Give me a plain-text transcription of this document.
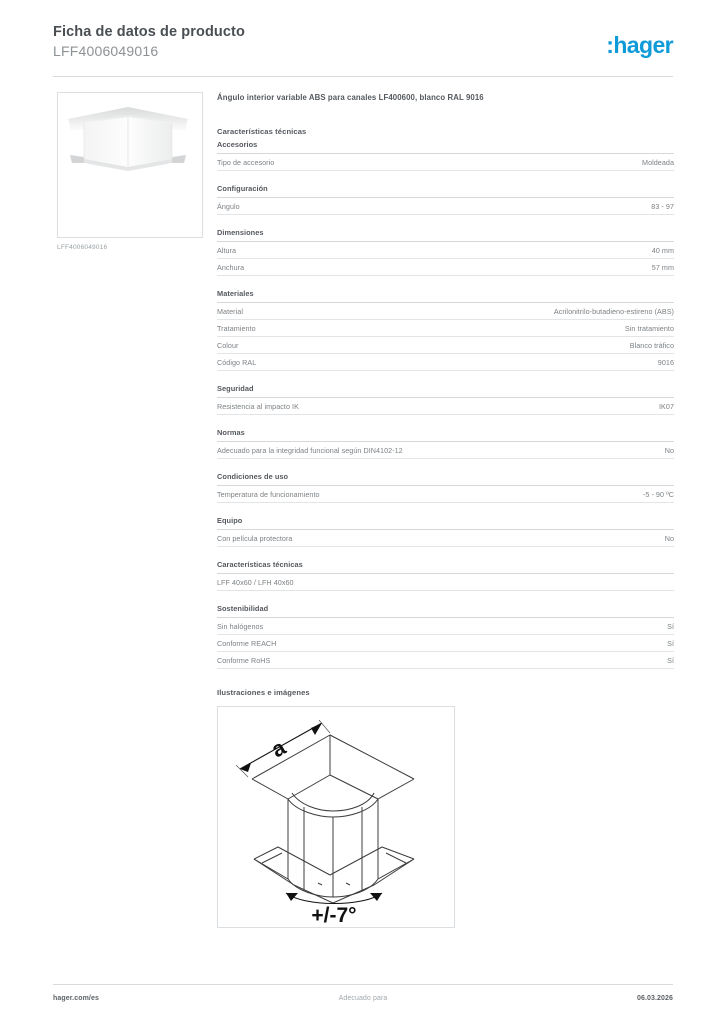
Ficha de datos de producto
LFF4006049016	:hager
LFF4006049016
Ángulo interior variable ABS para canales LF400600, blanco RAL 9016
Características técnicas
Accesorios
Tipo de accesorio	Moldeada
Configuración
Ángulo	83 - 97
Dimensiones
Altura	40 mm
Anchura	57 mm
Materiales
Material	Acrilonitrilo-butadieno-estireno (ABS)
Tratamiento	Sin tratamiento
Colour	Blanco tráfico
Código RAL	9016
Seguridad
Resistencia al impacto IK	IK07
Normas
Adecuado para la integridad funcional según DIN4102-12	No
Condiciones de uso
Temperatura de funcionamiento	-5 - 90 ºC
Equipo
Con película protectora	No
Características técnicas
LFF 40x60 / LFH 40x60
Sostenibilidad
Sin halógenos	Sí
Conforme REACH	Sí
Conforme RoHS	Sí
Ilustraciones e imágenes
a
+/-7°
hager.com/es	Adecuado para	06.03.2026
